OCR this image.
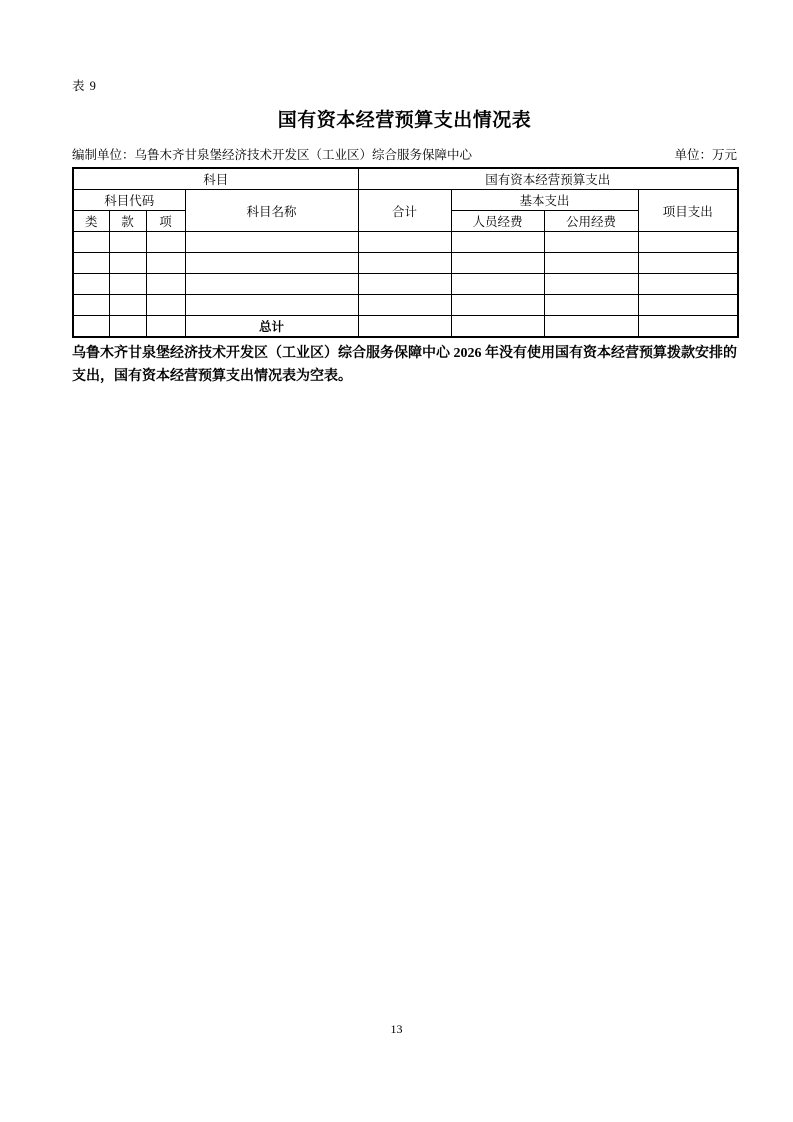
表 9
国有资本经营预算支出情况表
编制单位：乌鲁木齐甘泉堡经济技术开发区（工业区）综合服务保障中心	单位：万元
科目				国有资本经营预算支出			
科目代码			科目名称	合计	基本支出		项目支出
类	款	项			人员经费	公用经费	

			总计				
乌鲁木齐甘泉堡经济技术开发区（工业区）综合服务保障中心 2026 年没有使用国有资本经营预算拨款安排的支出，国有资本经营预算支出情况表为空表。
13
